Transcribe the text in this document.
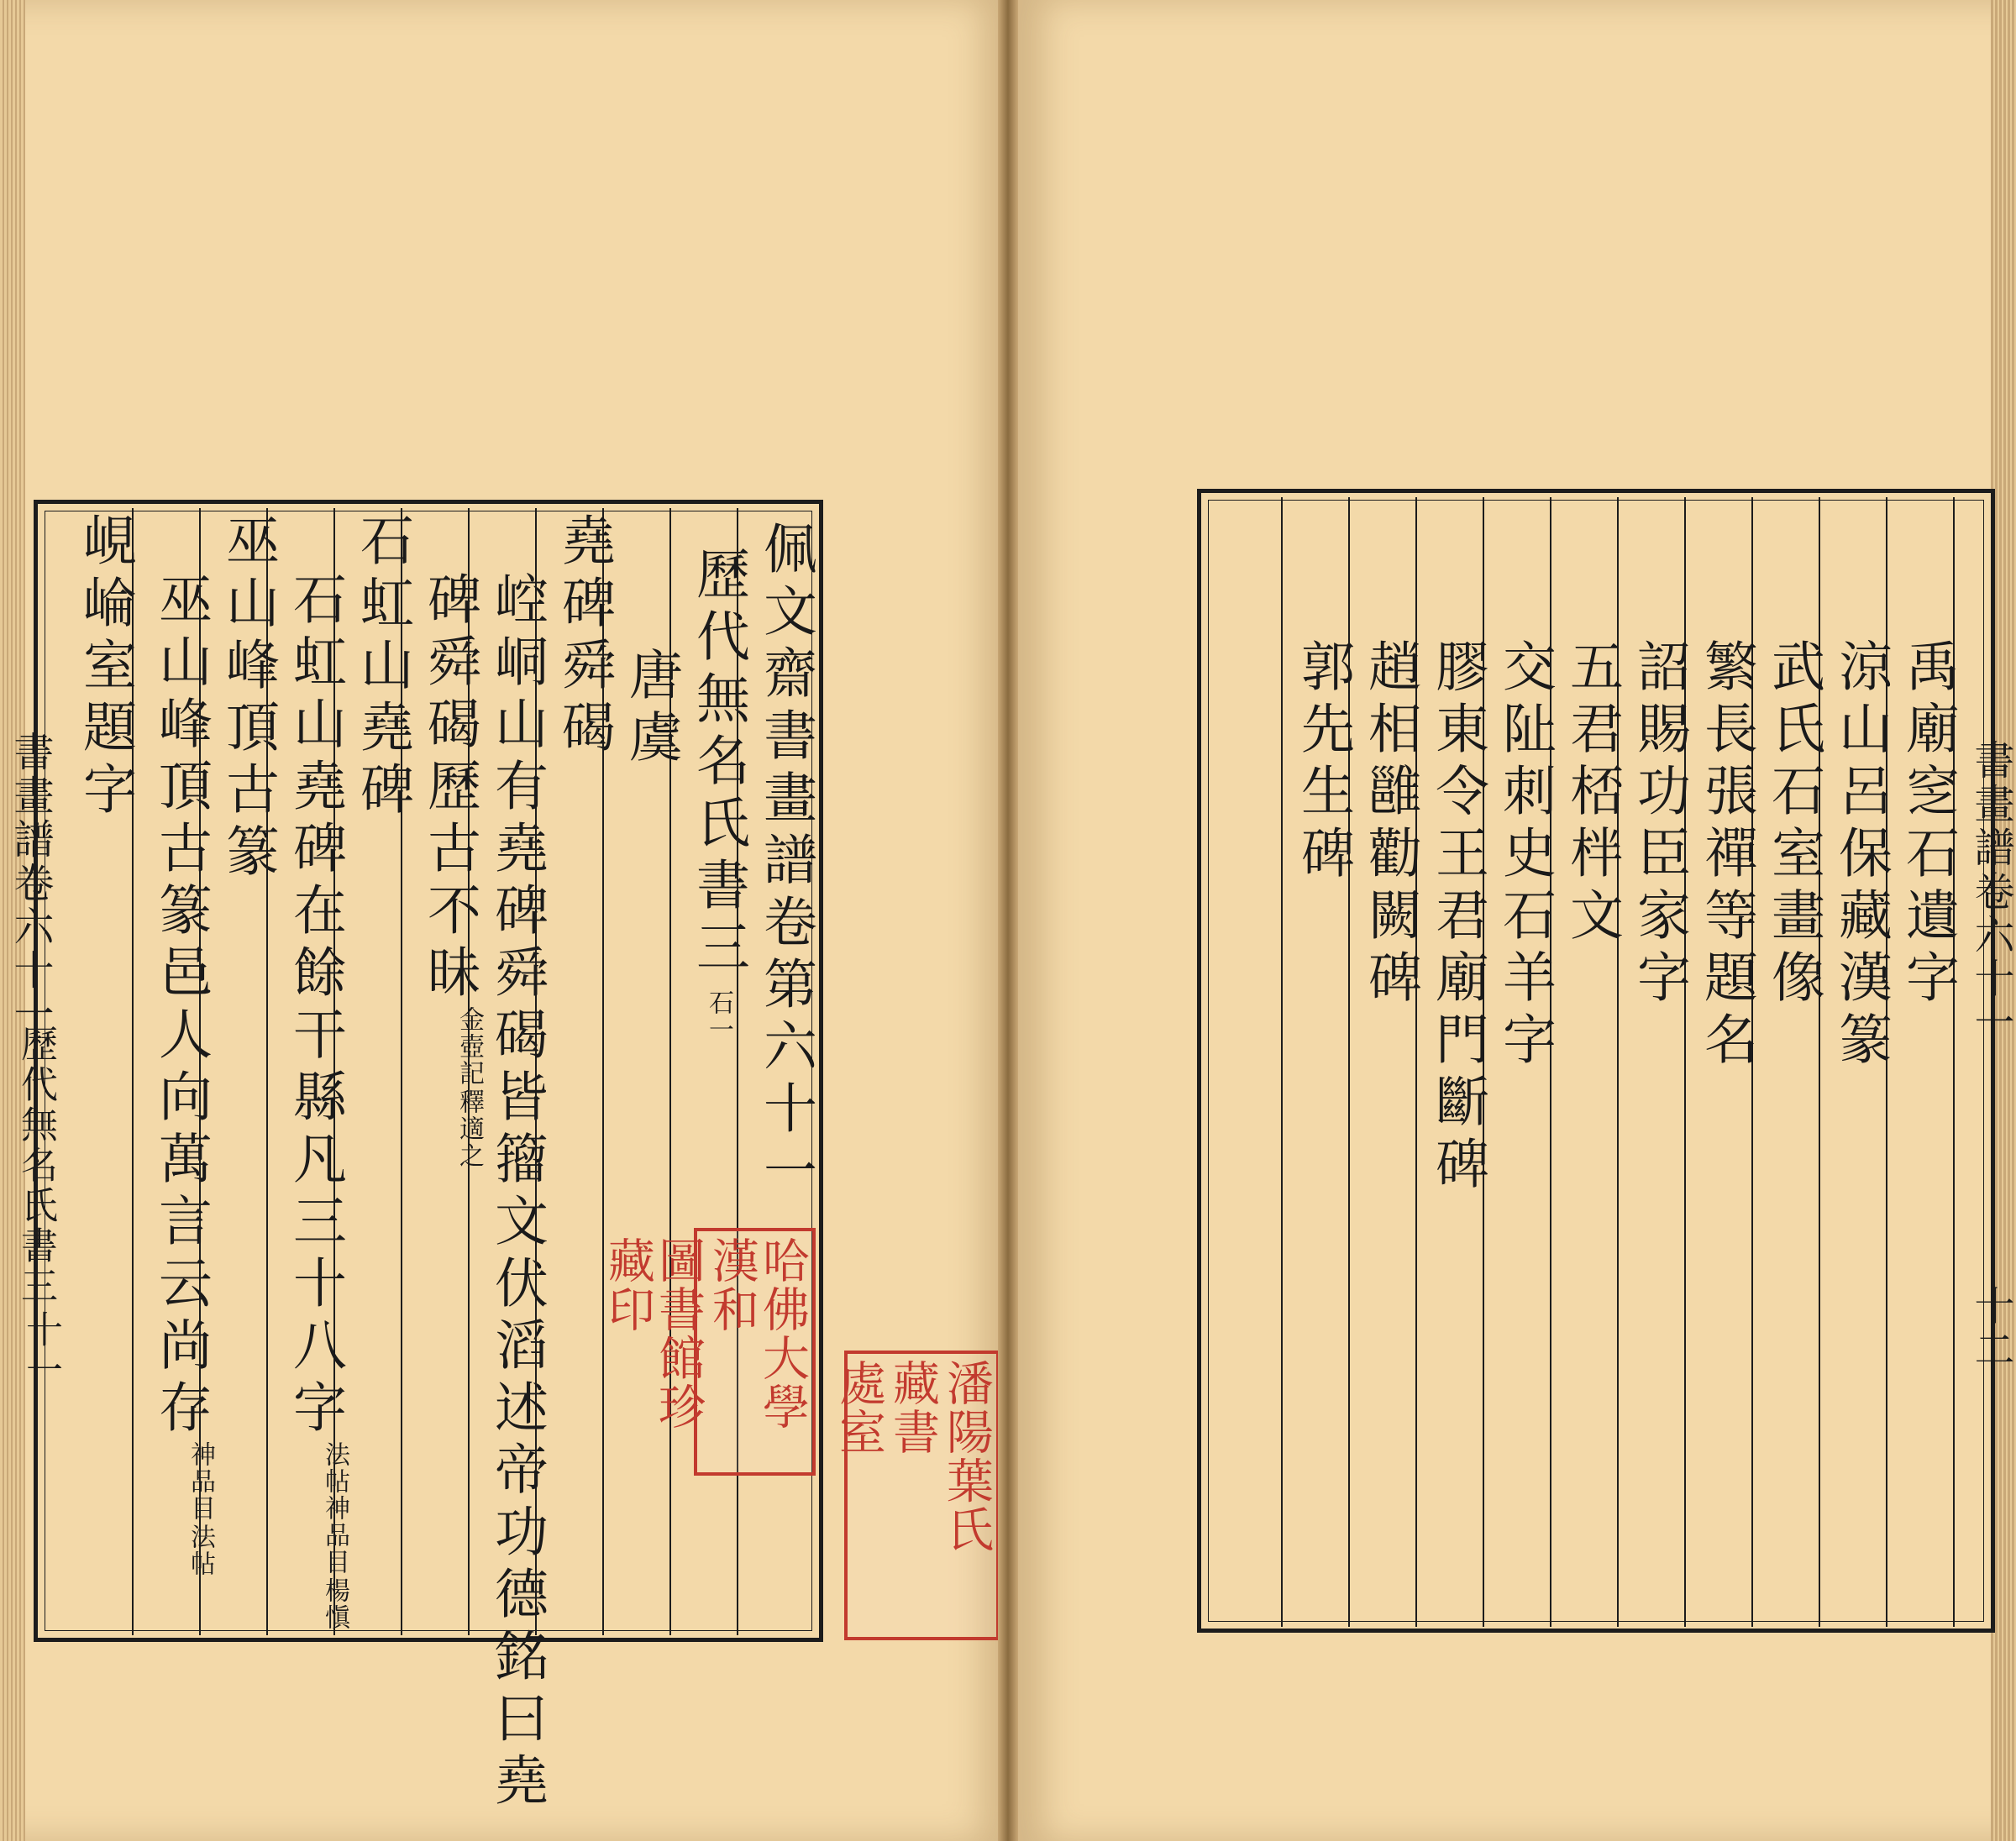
書畫譜卷六十一
歷代無名氏書三
十一
佩文齋書畫譜卷第六十一
歷代無名氏書三石一
唐虞
堯碑舜碣
崆峒山有堯碑舜碣皆籀文伏滔述帝功德銘曰堯
碑舜碣歷古不昧
釋適之
金壺記
石虹山堯碑
石虹山堯碑在餘干縣凡三十八字
楊愼
法帖神品目
巫山峰頂古篆
巫山峰頂古篆邑人向萬言云尚存
法帖
神品目
峴崘室題字
哈佛大學漢和
圖書館珍藏印
潘陽葉氏
藏書
處室
禹廟窆石遺字
涼山呂保藏漢篆
武氏石室畫像
繁長張禪等題名
詔賜功臣家字
五君桮柈文
交阯刺史石羊字
膠東令王君廟門斷碑
趙相雝勸闕碑
郭先生碑	書畫譜卷六十一
十二
